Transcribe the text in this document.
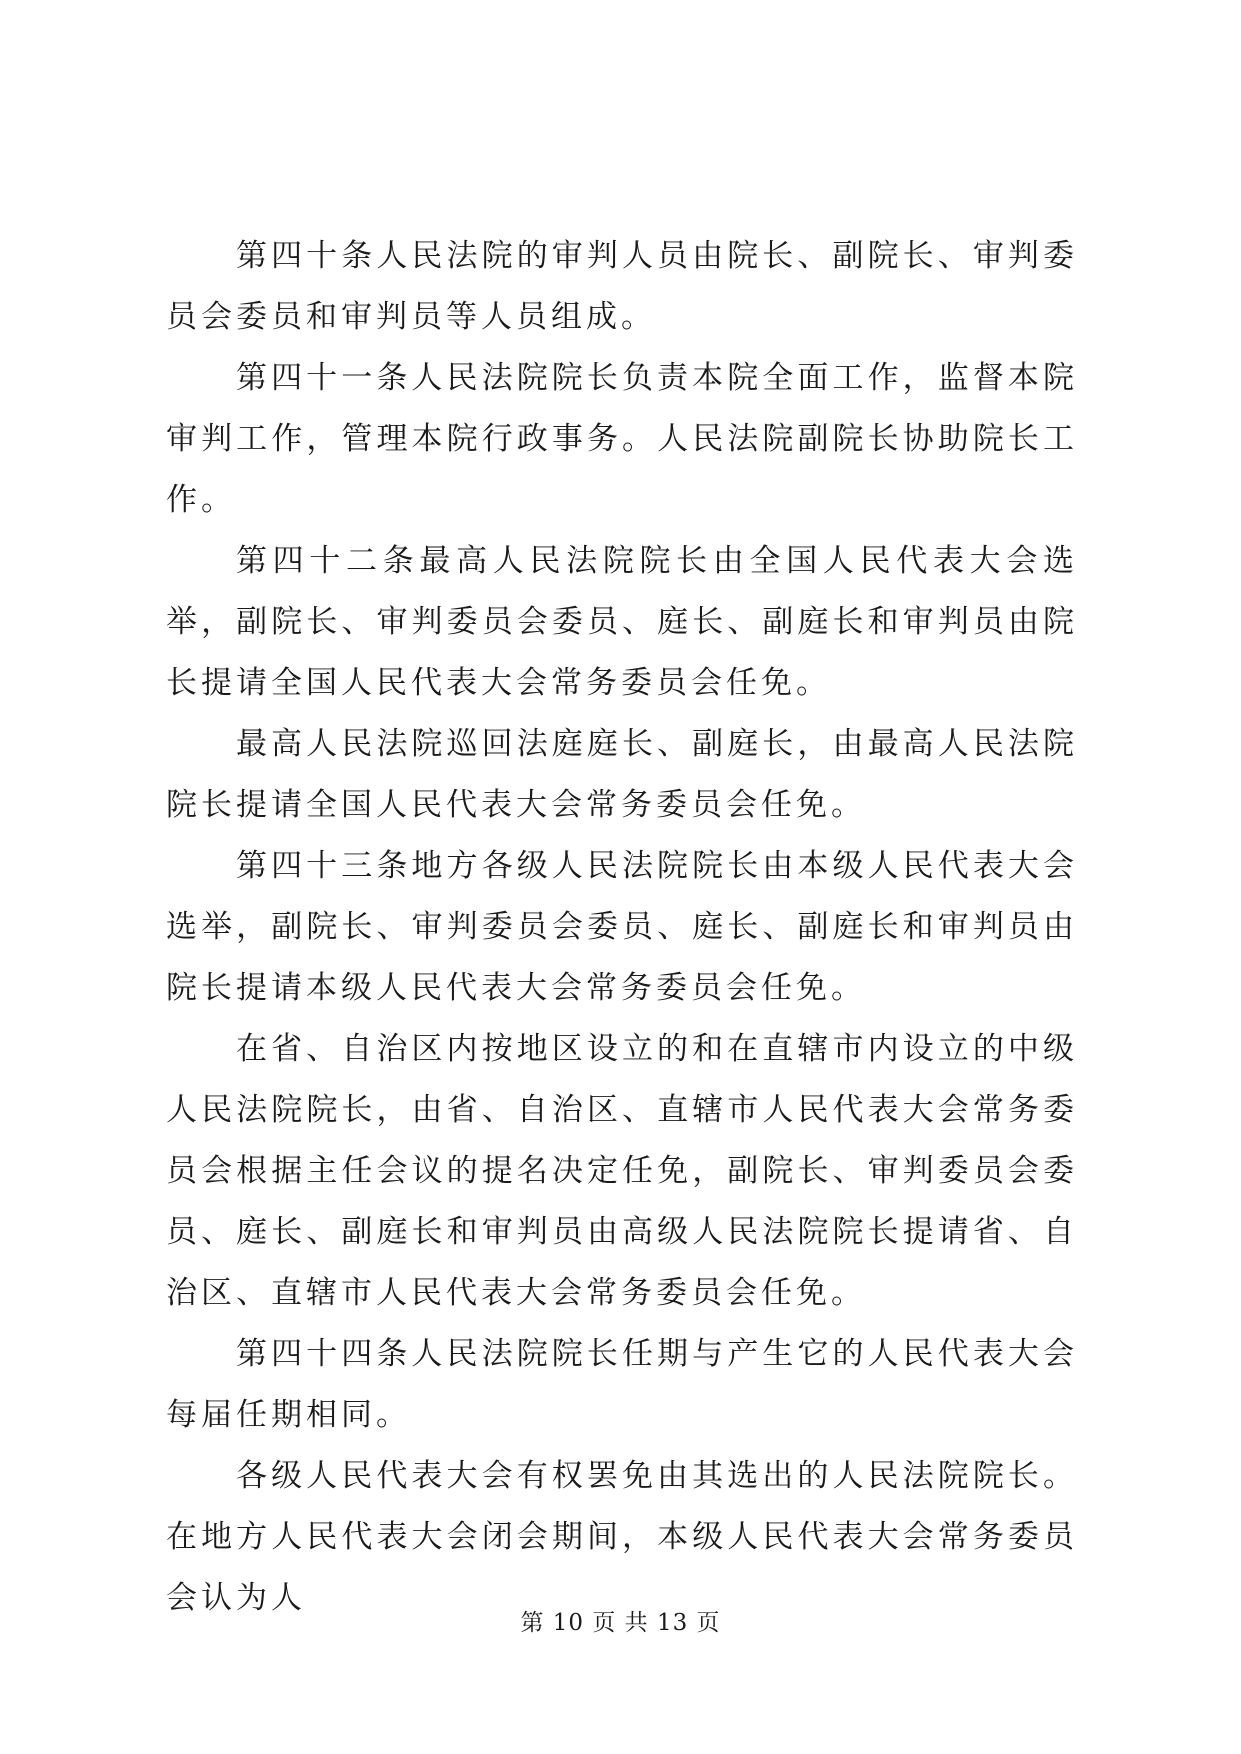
第四十条人民法院的审判人员由院长、副院长、审判委员会委员和审判员等人员组成。

第四十一条人民法院院长负责本院全面工作，监督本院审判工作，管理本院行政事务。人民法院副院长协助院长工作。

第四十二条最高人民法院院长由全国人民代表大会选举，副院长、审判委员会委员、庭长、副庭长和审判员由院长提请全国人民代表大会常务委员会任免。

最高人民法院巡回法庭庭长、副庭长，由最高人民法院院长提请全国人民代表大会常务委员会任免。

第四十三条地方各级人民法院院长由本级人民代表大会选举，副院长、审判委员会委员、庭长、副庭长和审判员由院长提请本级人民代表大会常务委员会任免。

在省、自治区内按地区设立的和在直辖市内设立的中级人民法院院长，由省、自治区、直辖市人民代表大会常务委员会根据主任会议的提名决定任免，副院长、审判委员会委员、庭长、副庭长和审判员由高级人民法院院长提请省、自治区、直辖市人民代表大会常务委员会任免。

第四十四条人民法院院长任期与产生它的人民代表大会每届任期相同。

各级人民代表大会有权罢免由其选出的人民法院院长。在地方人民代表大会闭会期间，本级人民代表大会常务委员会认为人

第 10 页 共 13 页
